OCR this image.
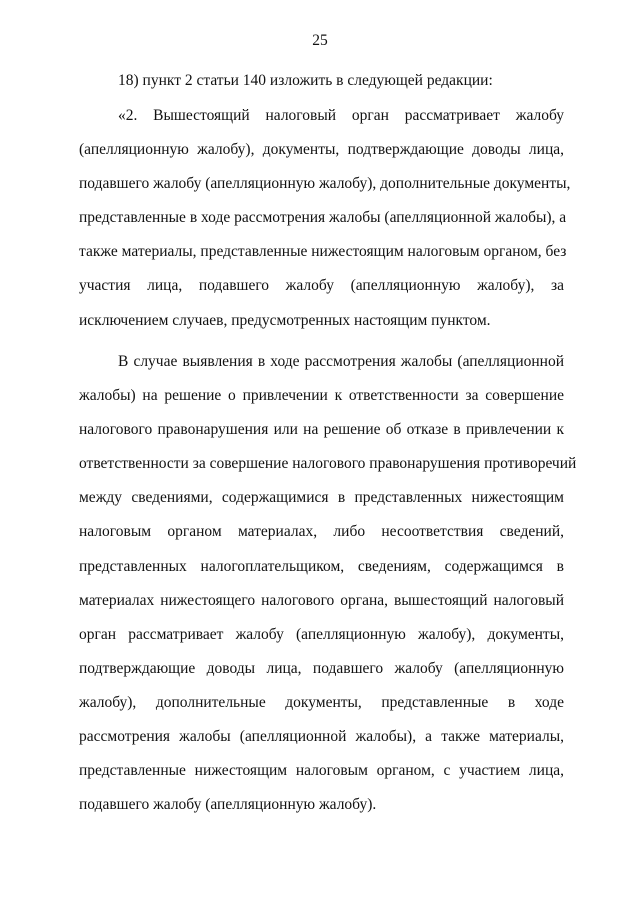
25
18) пункт 2 статьи 140 изложить в следующей редакции:
«2. Вышестоящий налоговый орган рассматривает жалобу
(апелляционную жалобу), документы, подтверждающие доводы лица,
подавшего жалобу (апелляционную жалобу), дополнительные документы,
представленные в ходе рассмотрения жалобы (апелляционной жалобы), а
также материалы, представленные нижестоящим налоговым органом, без
участия лица, подавшего жалобу (апелляционную жалобу), за
исключением случаев, предусмотренных настоящим пунктом.
В случае выявления в ходе рассмотрения жалобы (апелляционной
жалобы) на решение о привлечении к ответственности за совершение
налогового правонарушения или на решение об отказе в привлечении к
ответственности за совершение налогового правонарушения противоречий
между сведениями, содержащимися в представленных нижестоящим
налоговым органом материалах, либо несоответствия сведений,
представленных налогоплательщиком, сведениям, содержащимся в
материалах нижестоящего налогового органа, вышестоящий налоговый
орган рассматривает жалобу (апелляционную жалобу), документы,
подтверждающие доводы лица, подавшего жалобу (апелляционную
жалобу), дополнительные документы, представленные в ходе
рассмотрения жалобы (апелляционной жалобы), а также материалы,
представленные нижестоящим налоговым органом, с участием лица,
подавшего жалобу (апелляционную жалобу).
